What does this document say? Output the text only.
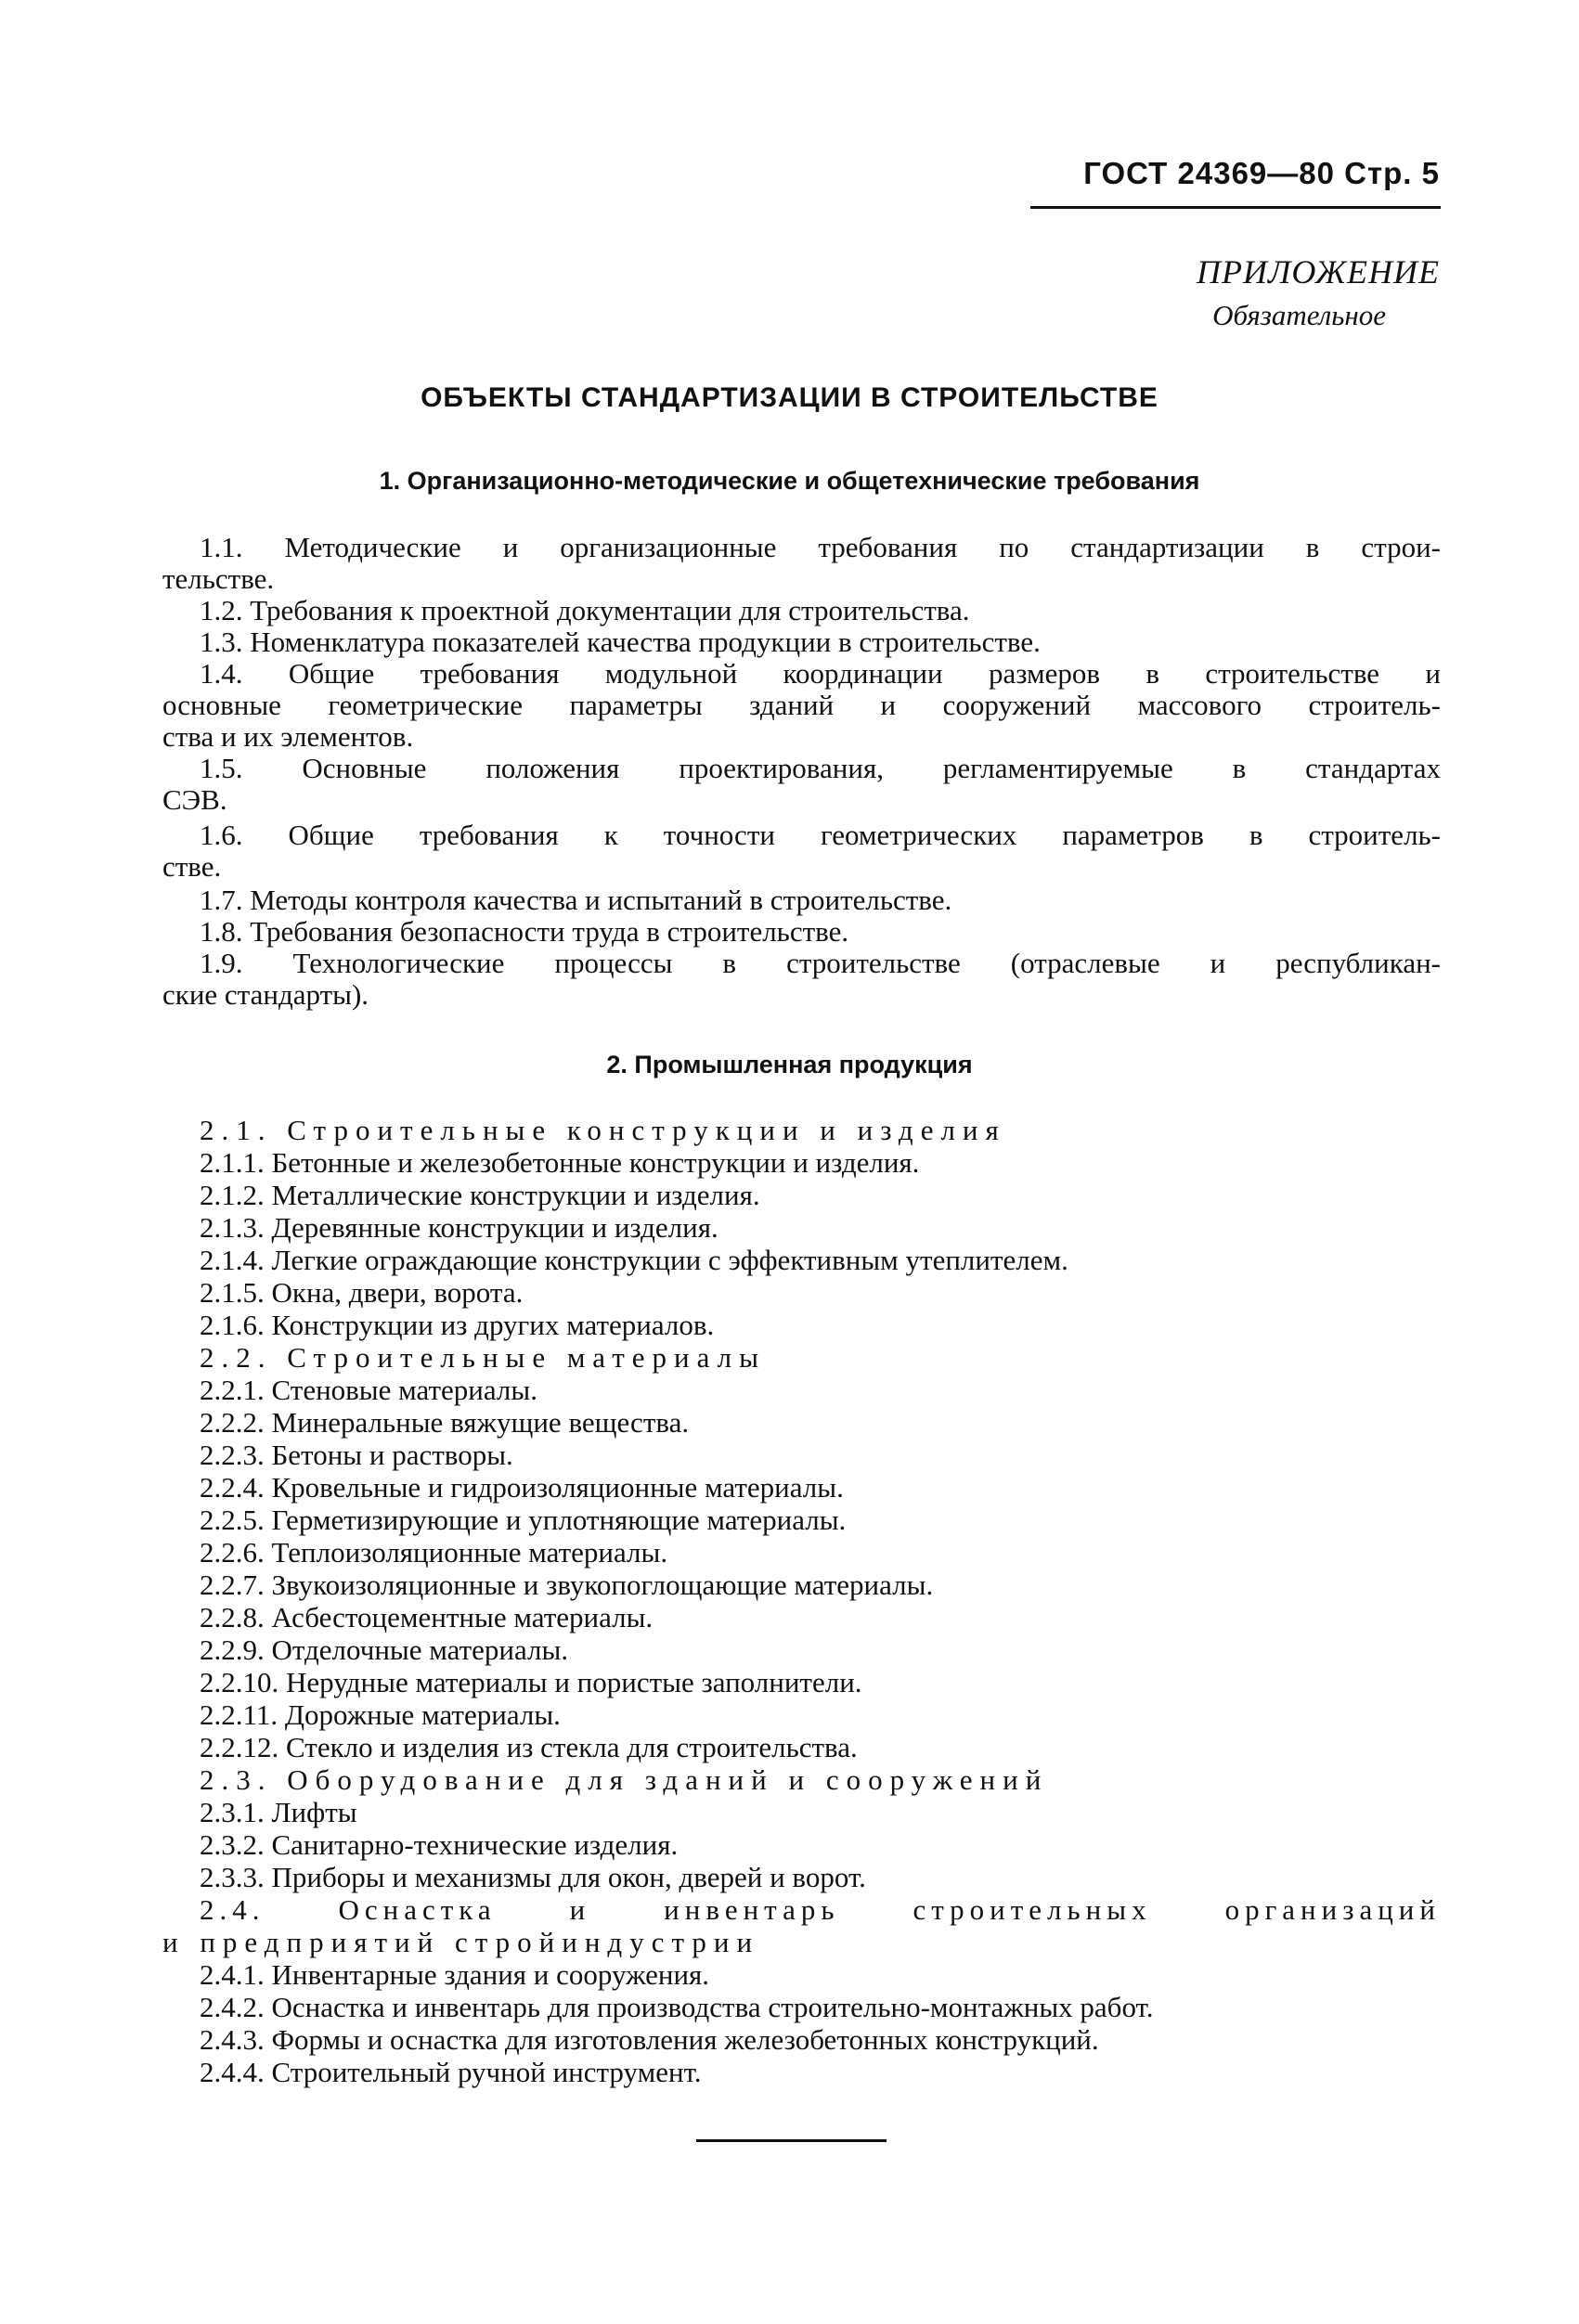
ГОСТ 24369—80 Стр. 5
ПРИЛОЖЕНИЕ
Обязательное
ОБЪЕКТЫ СТАНДАРТИЗАЦИИ В СТРОИТЕЛЬСТВЕ
1. Организационно-методические и общетехнические требования
1.1. Методические и организационные требования по стандартизации в строи-
тельстве.
1.2. Требования к проектной документации для строительства.
1.3. Номенклатура показателей качества продукции в строительстве.
1.4. Общие требования модульной координации размеров в строительстве и
основные геометрические параметры зданий и сооружений массового строитель-
ства и их элементов.
1.5. Основные положения проектирования, регламентируемые в стандартах
СЭВ.
1.6. Общие требования к точности геометрических параметров в строитель-
стве.
1.7. Методы контроля качества и испытаний в строительстве.
1.8. Требования безопасности труда в строительстве.
1.9. Технологические процессы в строительстве (отраслевые и республикан-
ские стандарты).
2. Промышленная продукция
2.1. Строительные конструкции и изделия
2.1.1. Бетонные и железобетонные конструкции и изделия.
2.1.2. Металлические конструкции и изделия.
2.1.3. Деревянные конструкции и изделия.
2.1.4. Легкие ограждающие конструкции с эффективным утеплителем.
2.1.5. Окна, двери, ворота.
2.1.6. Конструкции из других материалов.
2.2. Строительные материалы
2.2.1. Стеновые материалы.
2.2.2. Минеральные вяжущие вещества.
2.2.3. Бетоны и растворы.
2.2.4. Кровельные и гидроизоляционные материалы.
2.2.5. Герметизирующие и уплотняющие материалы.
2.2.6. Теплоизоляционные материалы.
2.2.7. Звукоизоляционные и звукопоглощающие материалы.
2.2.8. Асбестоцементные материалы.
2.2.9. Отделочные материалы.
2.2.10. Нерудные материалы и пористые заполнители.
2.2.11. Дорожные материалы.
2.2.12. Стекло и изделия из стекла для строительства.
2.3. Оборудование для зданий и сооружений
2.3.1. Лифты
2.3.2. Санитарно-технические изделия.
2.3.3. Приборы и механизмы для окон, дверей и ворот.
2.4. Оснастка и инвентарь строительных организаций
и предприятий стройиндустрии
2.4.1. Инвентарные здания и сооружения.
2.4.2. Оснастка и инвентарь для производства строительно-монтажных работ.
2.4.3. Формы и оснастка для изготовления железобетонных конструкций.
2.4.4. Строительный ручной инструмент.
